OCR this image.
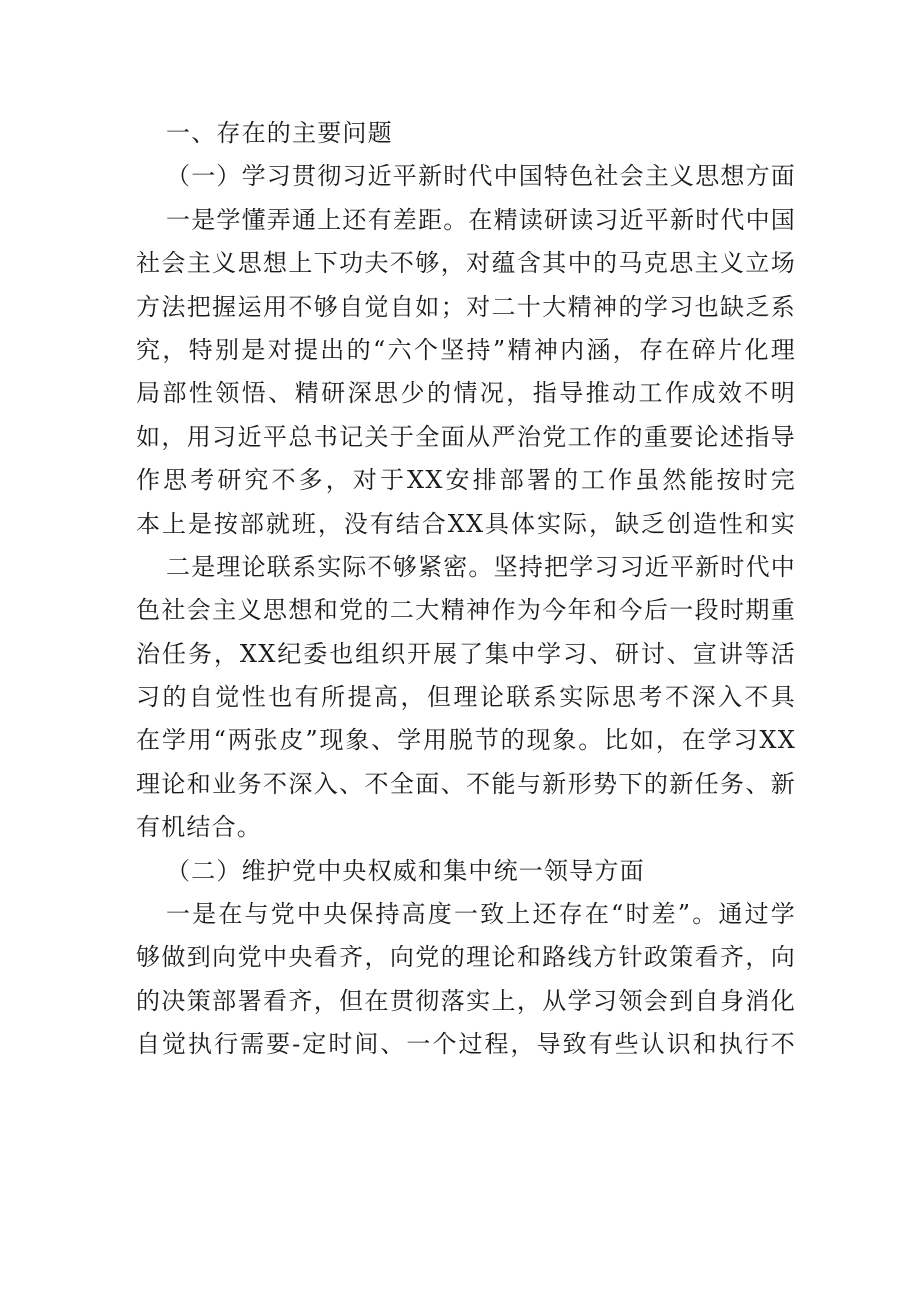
一、存在的主要问题
（一）学习贯彻习近平新时代中国特色社会主义思想方面
一是学懂弄通上还有差距。在精读研读习近平新时代中国
社会主义思想上下功夫不够，对蕴含其中的马克思主义立场
方法把握运用不够自觉自如；对二十大精神的学习也缺乏系
究，特别是对提出的“六个坚持”精神内涵，存在碎片化理
局部性领悟、精研深思少的情况，指导推动工作成效不明
如，用习近平总书记关于全面从严治党工作的重要论述指导
作思考研究不多，对于XX安排部署的工作虽然能按时完
本上是按部就班，没有结合XX具体实际，缺乏创造性和实
二是理论联系实际不够紧密。坚持把学习习近平新时代中
色社会主义思想和党的二大精神作为今年和今后一段时期重
治任务，XX纪委也组织开展了集中学习、研讨、宣讲等活
习的自觉性也有所提高，但理论联系实际思考不深入不具
在学用“两张皮”现象、学用脱节的现象。比如，在学习XX
理论和业务不深入、不全面、不能与新形势下的新任务、新
有机结合。
（二）维护党中央权威和集中统一领导方面
一是在与党中央保持高度一致上还存在“时差”。通过学
够做到向党中央看齐，向党的理论和路线方针政策看齐，向
的决策部署看齐，但在贯彻落实上，从学习领会到自身消化
自觉执行需要-定时间、一个过程，导致有些认识和执行不
